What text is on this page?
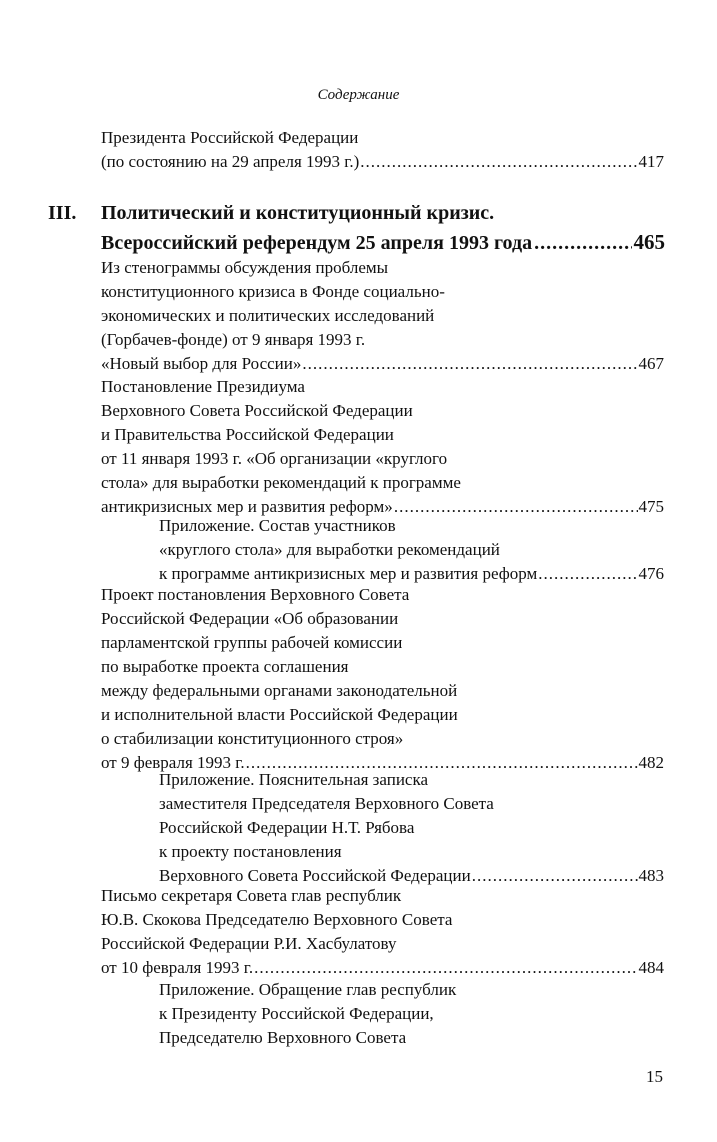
Содержание
Президента Российской Федерации
(по состоянию на 29 апреля 1993 г.) .....	417
III. Политический и конституционный кризис.
Всероссийский референдум 25 апреля 1993 года .....	465
Из стенограммы обсуждения проблемы
конституционного кризиса в Фонде социально-
экономических и политических исследований
(Горбачев-фонде) от 9 января 1993 г.
«Новый выбор для России» .....	467
Постановление Президиума
Верховного Совета Российской Федерации
и Правительства Российской Федерации
от 11 января 1993 г. «Об организации «круглого
стола» для выработки рекомендаций к программе
антикризисных мер и развития реформ» .....	475
Приложение. Состав участников
«круглого стола» для выработки рекомендаций
к программе антикризисных мер и развития реформ .....	476
Проект постановления Верховного Совета
Российской Федерации «Об образовании
парламентской группы рабочей комиссии
по выработке проекта соглашения
между федеральными органами законодательной
и исполнительной власти Российской Федерации
о стабилизации конституционного строя»
от 9 февраля 1993 г. .....	482
Приложение. Пояснительная записка
заместителя Председателя Верховного Совета
Российской Федерации Н.Т. Рябова
к проекту постановления
Верховного Совета Российской Федерации .....	483
Письмо секретаря Совета глав республик
Ю.В. Скокова Председателю Верховного Совета
Российской Федерации Р.И. Хасбулатову
от 10 февраля 1993 г. .....	484
Приложение. Обращение глав республик
к Президенту Российской Федерации,
Председателю Верховного Совета
15
